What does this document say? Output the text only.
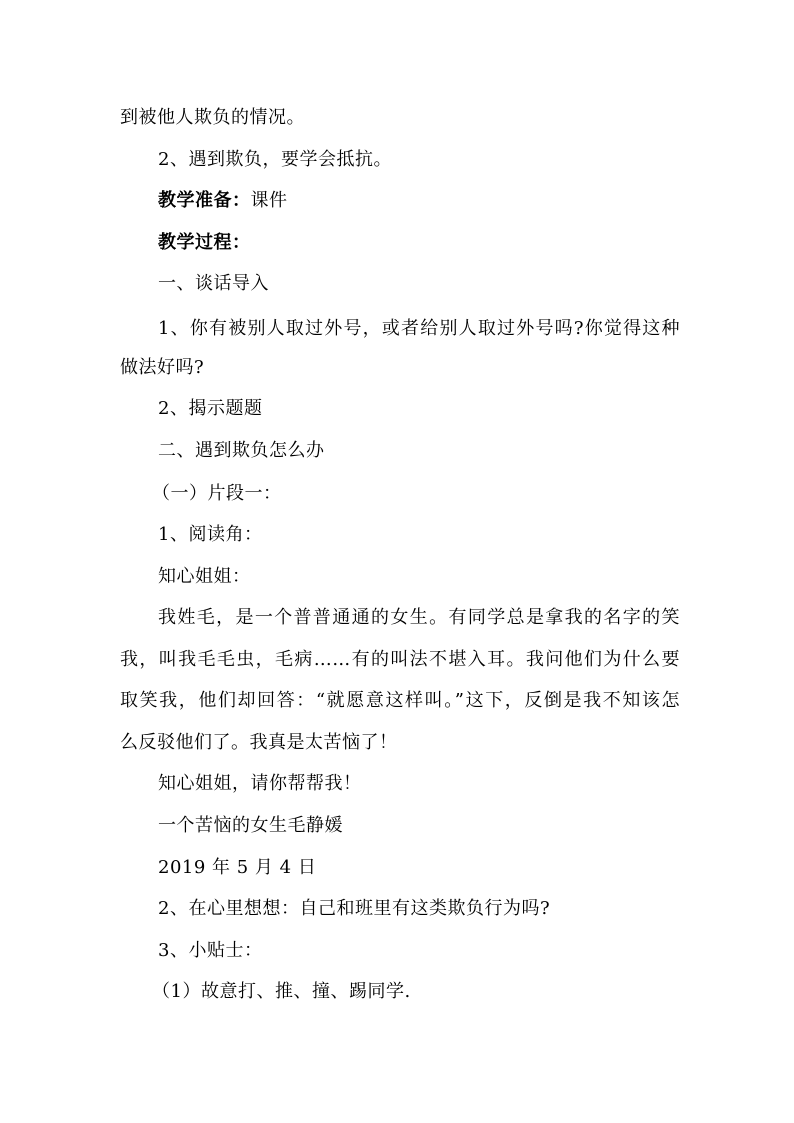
到被他人欺负的情况。
2、遇到欺负，要学会抵抗。
教学准备：课件
教学过程：
一、谈话导入
1、你有被别人取过外号，或者给别人取过外号吗?你觉得这种
做法好吗?
2、揭示题题
二、遇到欺负怎么办
（一）片段一：
1、阅读角：
知心姐姐：
我姓毛，是一个普普通通的女生。有同学总是拿我的名字的笑
我，叫我毛毛虫，毛病……有的叫法不堪入耳。我问他们为什么要
取笑我，他们却回答：“就愿意这样叫。”这下，反倒是我不知该怎
么反驳他们了。我真是太苦恼了！
知心姐姐，请你帮帮我！
一个苦恼的女生毛静媛
2019 年 5 月 4 日
2、在心里想想：自己和班里有这类欺负行为吗?
3、小贴士：
（1）故意打、推、撞、踢同学.
